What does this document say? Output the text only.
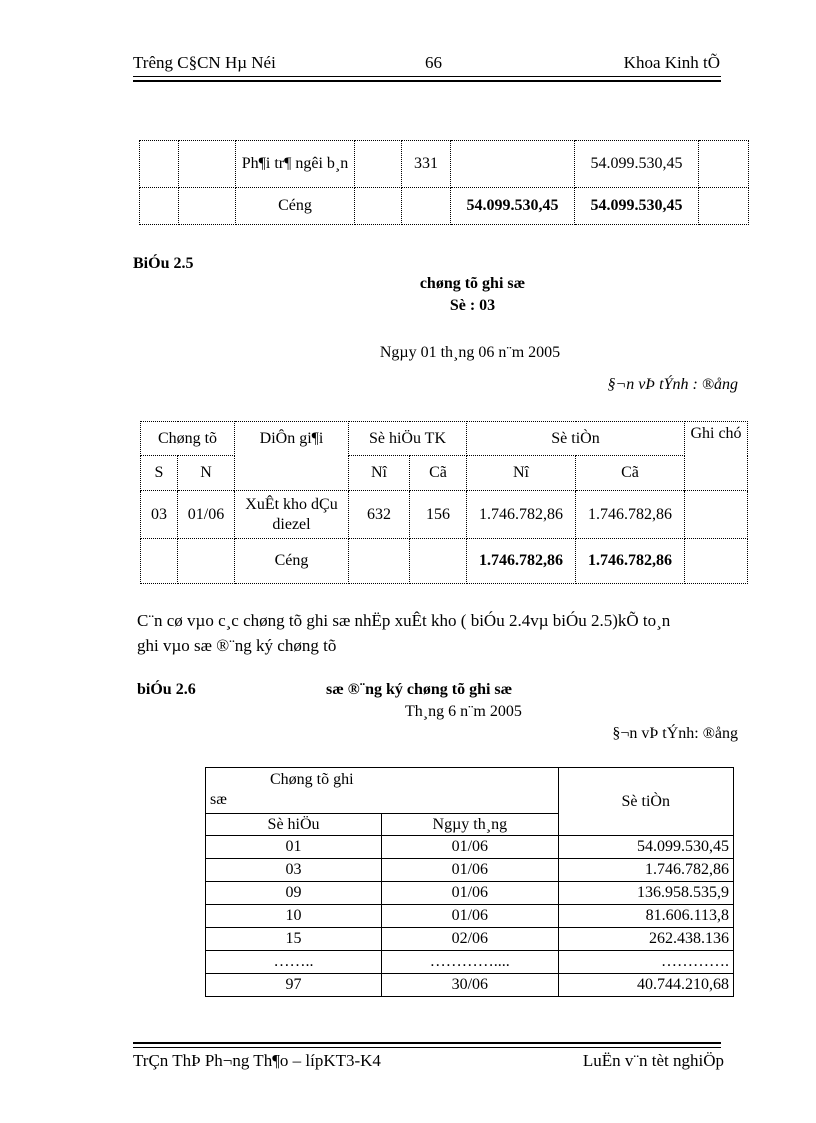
Trêng C§CN Hµ Néi	66	Khoa Kinh tÕ
		Ph¶i tr¶ ngêi b¸n		331		54.099.530,45	
		Céng			54.099.530,45	54.099.530,45	
BiÓu 2.5
chøng tõ ghi sæ
Sè : 03
Ngµy 01 th¸ng 06 n¨m 2005
§¬n vÞ tÝnh : ®ång
Chøng tõ		DiÔn gi¶i	Sè hiÖu TK		Sè tiÒn		Ghi chó
S	N		Nî	Cã	Nî	Cã	
03	01/06	XuÊt kho dÇu diezel	632	156	1.746.782,86	1.746.782,86	
		Céng			1.746.782,86	1.746.782,86	
C¨n cø vµo c¸c chøng tõ ghi sæ nhËp xuÊt kho ( biÓu 2.4vµ biÓu 2.5)kÕ to¸n
ghi vµo sæ ®¨ng ký chøng tõ
biÓu 2.6	sæ ®¨ng ký chøng tõ ghi sæ
Th¸ng 6 n¨m 2005
§¬n vÞ tÝnh: ®ång
Chøng tõ ghi
sæ		Sè tiÒn
Sè hiÖu	Ngµy th¸ng	
01	01/06	54.099.530,45
03	01/06	1.746.782,86
09	01/06	136.958.535,9
10	01/06	81.606.113,8
15	02/06	262.438.136
……..	…………....	………….
97	30/06	40.744.210,68
TrÇn ThÞ Ph¬ng Th¶o – lípKT3-K4	LuËn v¨n tèt nghiÖp
